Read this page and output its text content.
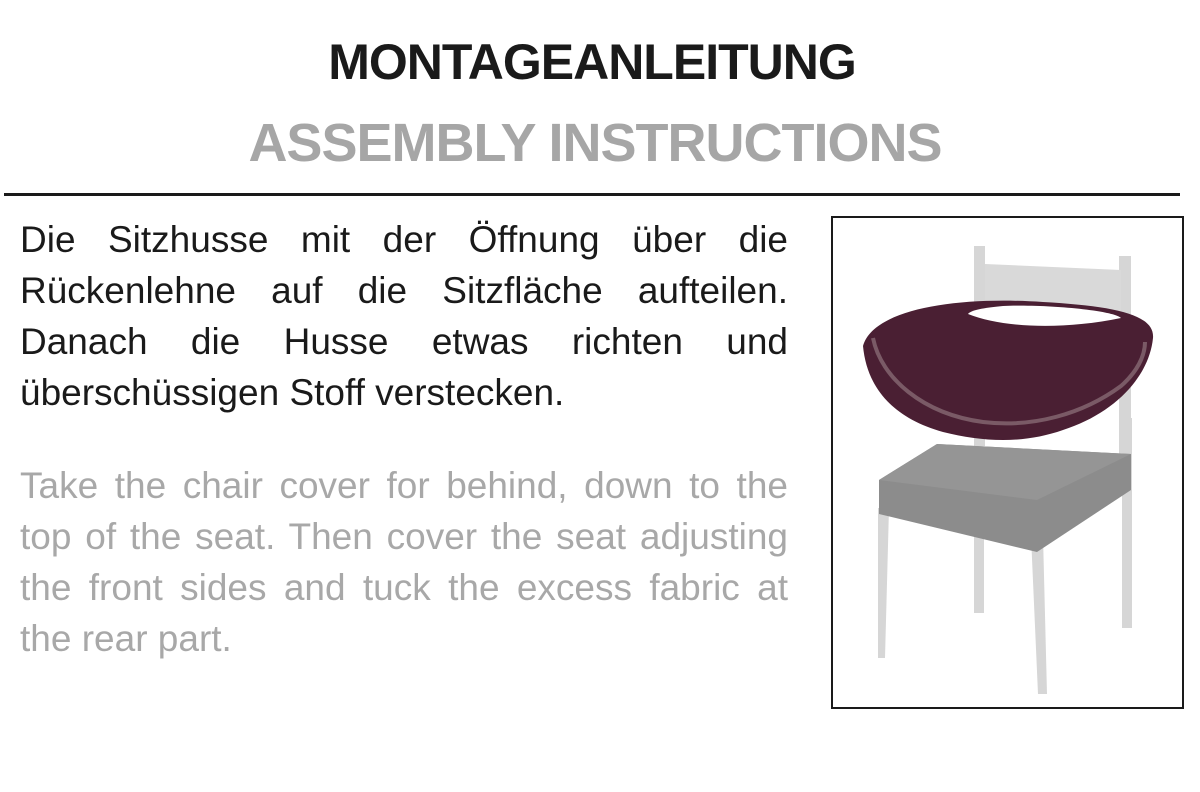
MONTAGEANLEITUNG
ASSEMBLY INSTRUCTIONS

Die Sitzhusse mit der Öffnung über die Rückenlehne auf die Sitzfläche aufteilen. Danach die Husse etwas richten und überschüssigen Stoff verstecken.

Take the chair cover for behind, down to the top of the seat. Then cover the seat adjusting the front sides and tuck the excess fabric at the rear part.
